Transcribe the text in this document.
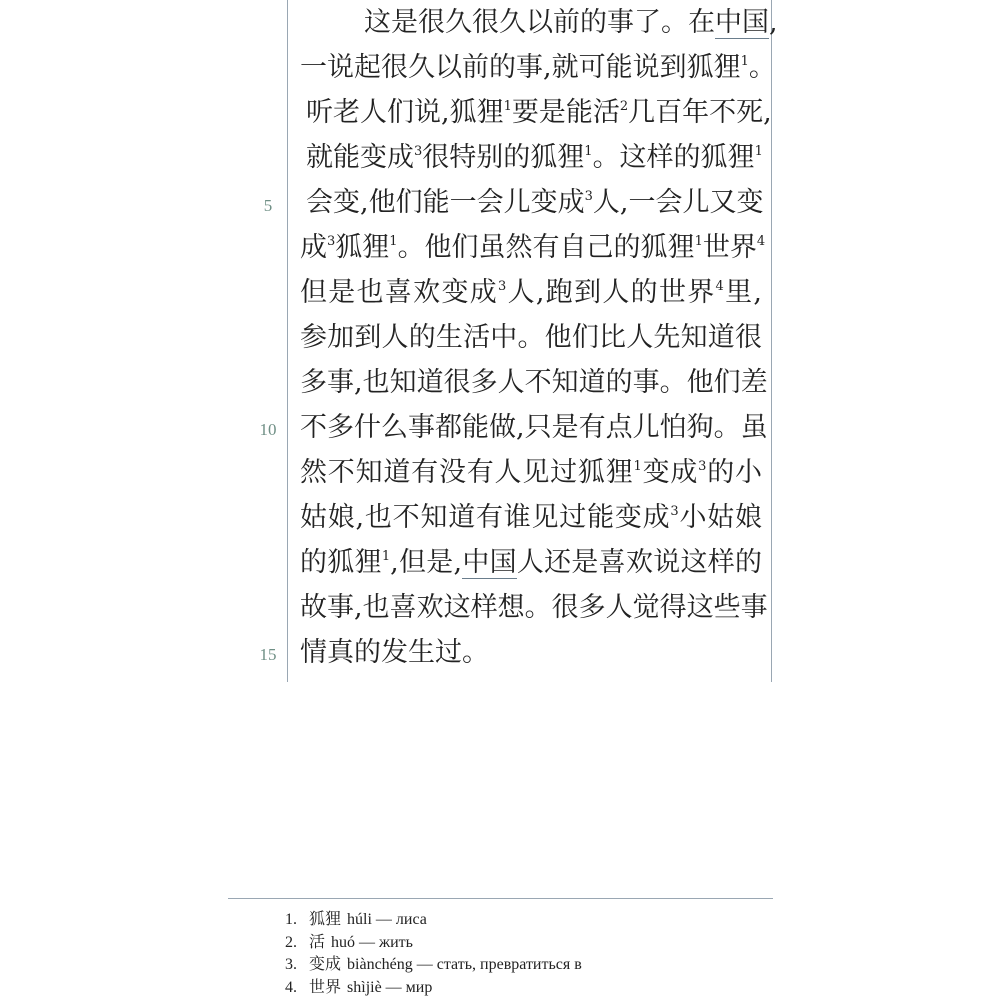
这是很久很久以前的事了。在中国,
一说起很久以前的事,就可能说到狐狸$^1$。
听老人们说,狐狸$^1$要是能活$^2$几百年不死,
就能变成$^3$很特别的狐狸$^1$。这样的狐狸$^1$
会变,他们能一会儿变成$^3$人,一会儿又变
成$^3$狐狸$^1$。他们虽然有自己的狐狸$^1$世界$^4$
但是也喜欢变成$^3$人,跑到人的世界$^4$里,
参加到人的生活中。他们比人先知道很
多事,也知道很多人不知道的事。他们差
不多什么事都能做,只是有点儿怕狗。虽
然不知道有没有人见过狐狸$^1$变成$^3$的小
姑娘,也不知道有谁见过能变成$^3$小姑娘
的狐狸$^1$,但是,中国人还是喜欢说这样的
故事,也喜欢这样想。很多人觉得这些事
情真的发生过。
5
10
15
1. 狐狸 húli — лиса
2. 活 huó — жить
3. 变成 biànchéng — стать, превратиться в
4. 世界 shìjiè — мир
